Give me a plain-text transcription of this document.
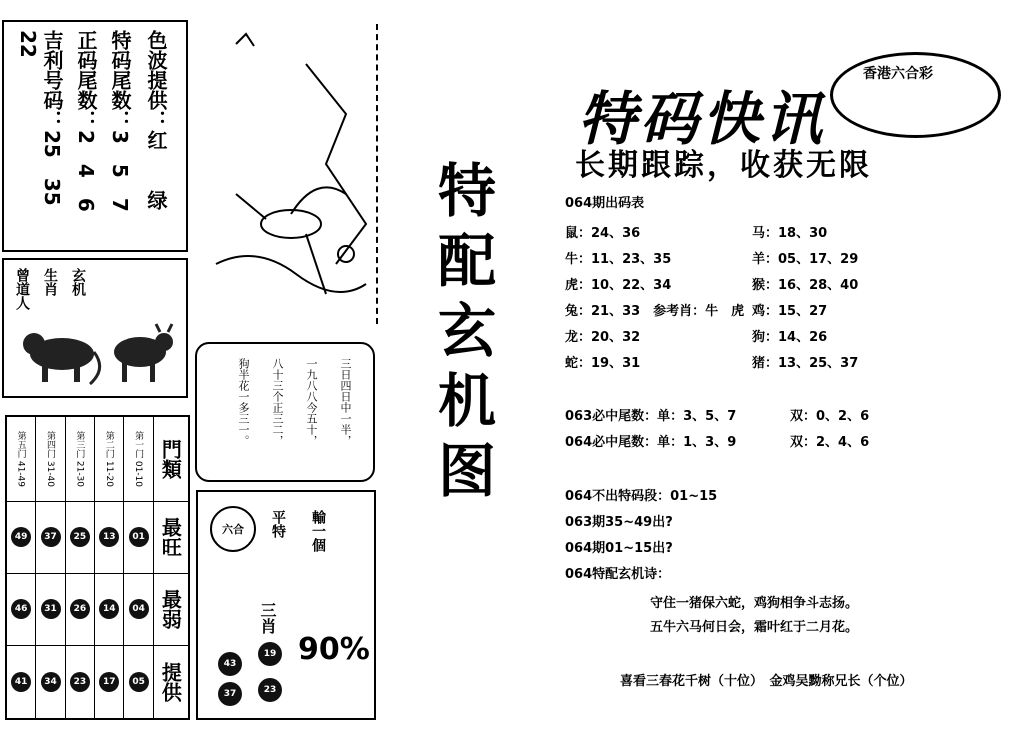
色波提供：红　　绿
特码尾数：3　5　7
正码尾数：2　4　6
吉利号码：25　35　22
曾道人 生肖 玄机
第五门 41-49 第四门 31-40 第三门 21-30 第二门 11-20 第一门 01-10 門類
49	37	25	13	01 最旺
46	31	26	14	04 最弱
41	34	23	17	05 提供
三日四日中一半，
一九八八今五十，
八十三个正三二，
狗半花一多三一。
六合	平特 輸一個
三肖
43
19
37	23
90%
特配玄机图
特码快讯
香港六合彩
长期跟踪，收获无限
064期出码表
鼠：24、36	马：18、30
牛：11、23、35	羊：05、17、29
虎：10、22、34	猴：16、28、40
兔：21、33　参考肖：牛　虎 鸡：15、27
龙：20、32	狗：14、26
蛇：19、31	猪：13、25、37
063必中尾数：单：3、5、7	双：0、2、6
064必中尾数：单：1、3、9	双：2、4、6
064不出特码段：01~15
063期35~49出?
064期01~15出?
064特配玄机诗：
守住一猪保六蛇，鸡狗相争斗志扬。
五牛六马何日会，霜叶红于二月花。
喜看三春花千树（十位）　金鸡吴黝称兄长（个位）
